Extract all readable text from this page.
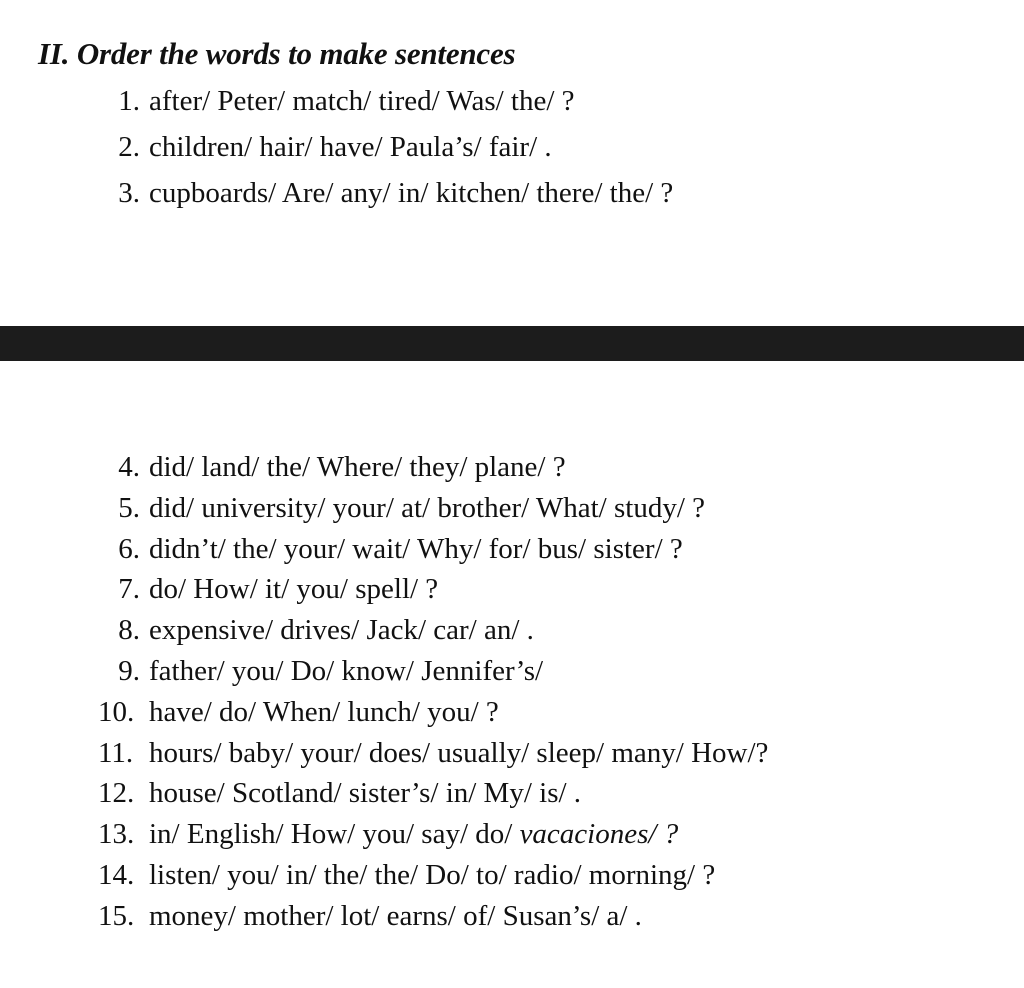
II. Order the words to make sentences
1. after/ Peter/ match/ tired/ Was/ the/ ?
2. children/ hair/ have/ Paula’s/ fair/ .
3. cupboards/ Are/ any/ in/ kitchen/ there/ the/ ?
4. did/ land/ the/ Where/ they/ plane/ ?
5. did/ university/ your/ at/ brother/ What/ study/ ?
6. didn’t/ the/ your/ wait/ Why/ for/ bus/ sister/ ?
7. do/ How/ it/ you/ spell/ ?
8. expensive/ drives/ Jack/ car/ an/ .
9. father/ you/ Do/ know/ Jennifer’s/
10. have/ do/ When/ lunch/ you/ ?
11. hours/ baby/ your/ does/ usually/ sleep/ many/ How/?
12. house/ Scotland/ sister’s/ in/ My/ is/ .
13. in/ English/ How/ you/ say/ do/ vacaciones/ ?
14. listen/ you/ in/ the/ the/ Do/ to/ radio/ morning/ ?
15. money/ mother/ lot/ earns/ of/ Susan’s/ a/ .
